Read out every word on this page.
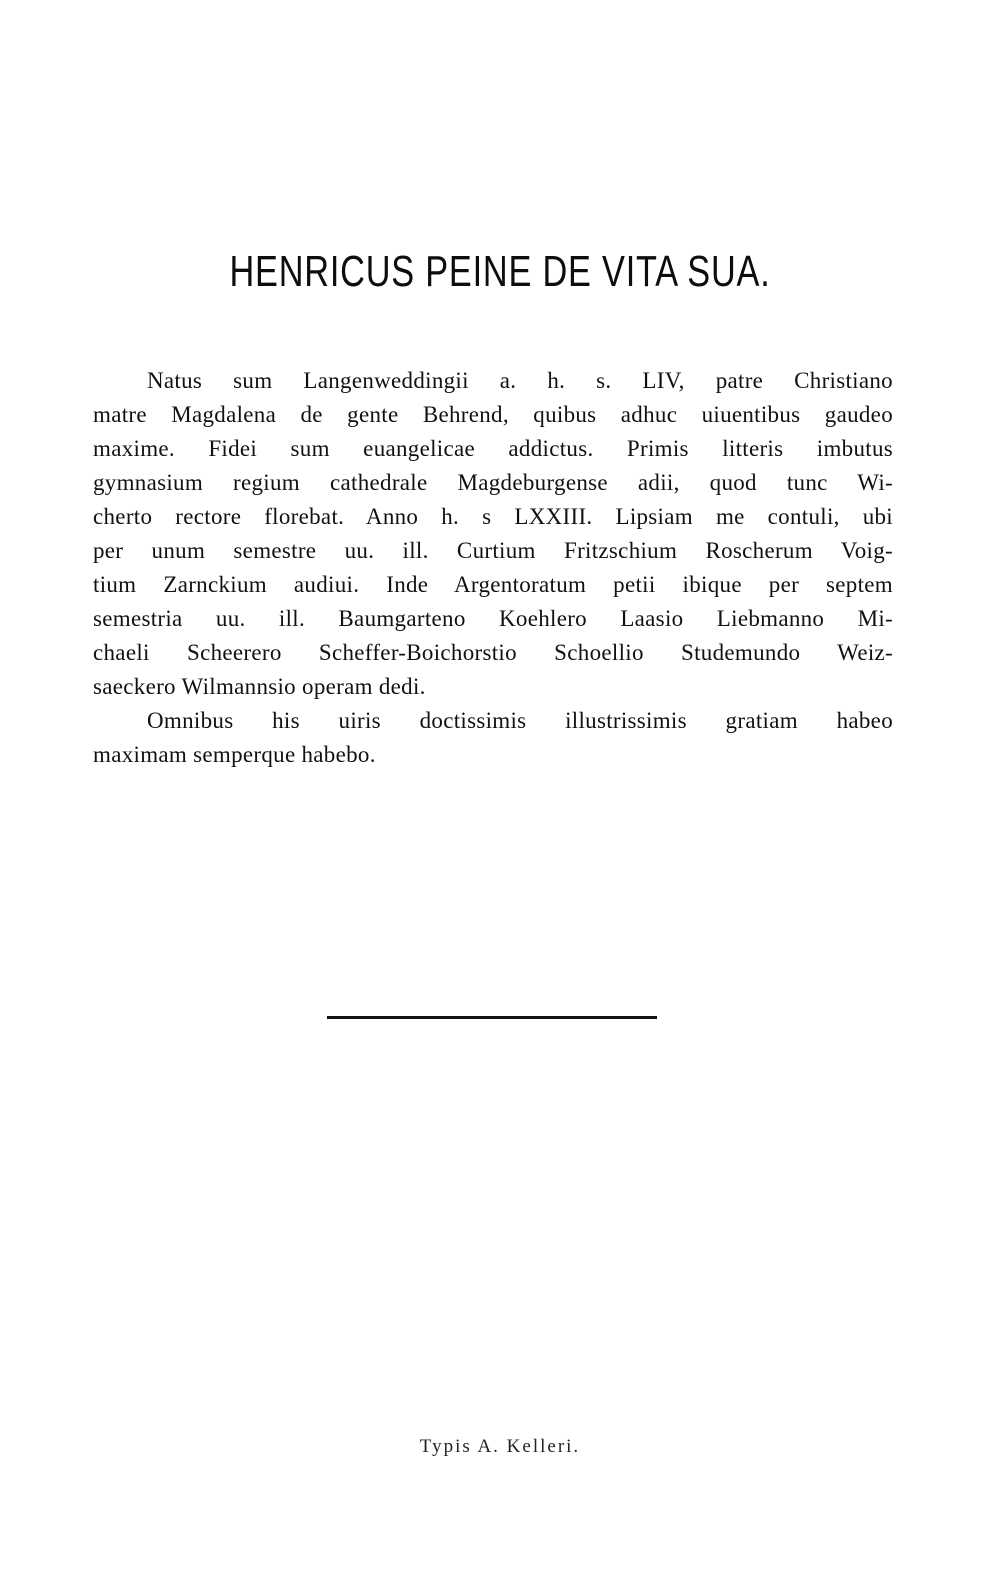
HENRICUS PEINE DE VITA SUA.
Natus sum Langenweddingii a. h. s. LIV, patre Christiano
matre Magdalena de gente Behrend, quibus adhuc uiuentibus gaudeo
maxime. Fidei sum euangelicae addictus. Primis litteris imbutus
gymnasium regium cathedrale Magdeburgense adii, quod tunc Wi-
cherto rectore florebat. Anno h. s LXXIII. Lipsiam me contuli, ubi
per unum semestre uu. ill. Curtium Fritzschium Roscherum Voig-
tium Zarnckium audiui. Inde Argentoratum petii ibique per septem
semestria uu. ill. Baumgarteno Koehlero Laasio Liebmanno Mi-
chaeli Scheerero Scheffer-Boichorstio Schoellio Studemundo Weiz-
saeckero Wilmannsio operam dedi.
Omnibus his uiris doctissimis illustrissimis gratiam habeo
maximam semperque habebo.
Typis A. Kelleri.
